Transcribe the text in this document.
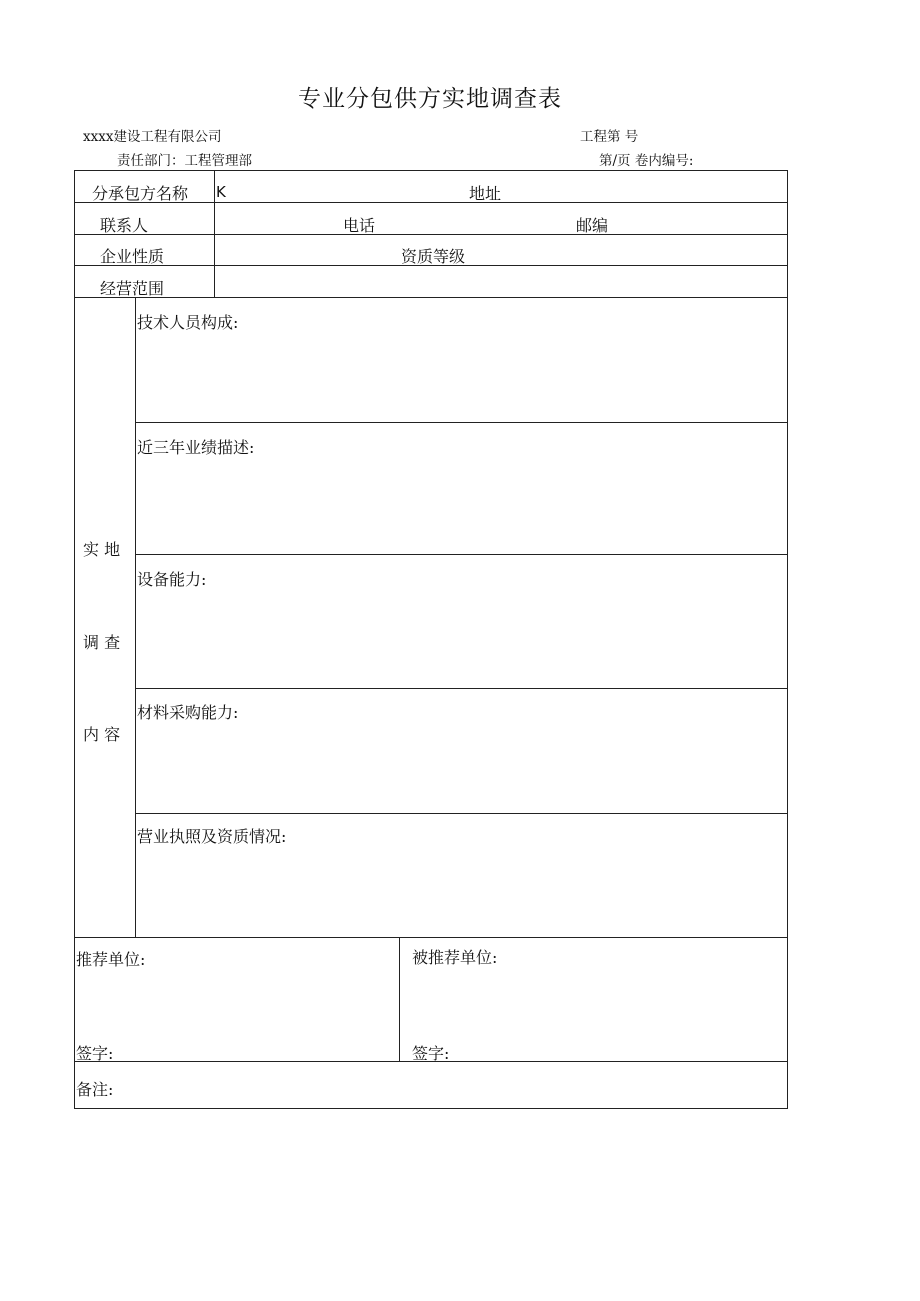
专业分包供方实地调查表
xxxx建设工程有限公司	工程第 号
责任部门：工程管理部	第/页 卷内编号:
分承包方名称 K	地址
联系人	电话	邮编
企业性质	资质等级
经营范围
实 地
调 查
内 容
技术人员构成:
近三年业绩描述:
设备能力:
材料采购能力:
营业执照及资质情况:
推荐单位:	被推荐单位:
签字:	签字:
备注:
